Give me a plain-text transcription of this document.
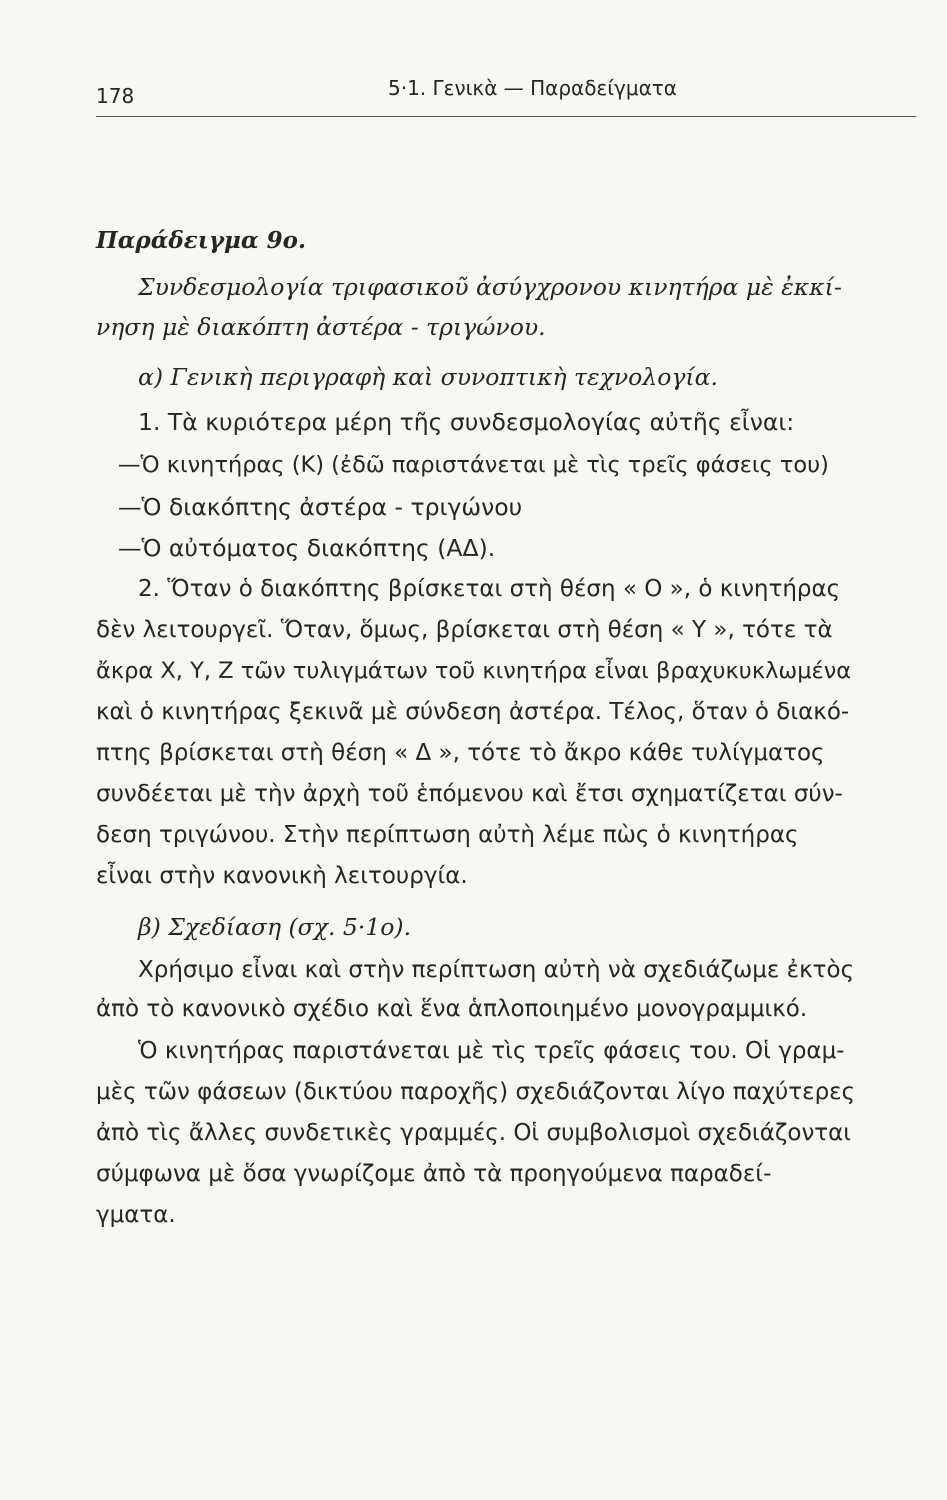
178	5·1. Γενικὰ — Παραδείγματα
Παράδειγμα 9ο.
Συνδεσμολογία τριφασικοῦ ἀσύγχρονου κινητήρα μὲ ἐκκί-
νηση μὲ διακόπτη ἀστέρα - τριγώνου.
α) Γενικὴ περιγραφὴ καὶ συνοπτικὴ τεχνολογία.
1. Τὰ κυριότερα μέρη τῆς συνδεσμολογίας αὐτῆς εἶναι:
—Ὁ κινητήρας (Κ) (ἐδῶ παριστάνεται μὲ τὶς τρεῖς φάσεις του)
—Ὁ διακόπτης ἀστέρα - τριγώνου
—Ὁ αὐτόματος διακόπτης (ΑΔ).
2. Ὅταν ὁ διακόπτης βρίσκεται στὴ θέση « Ο », ὁ κινητήρας
δὲν λειτουργεῖ. Ὅταν, ὅμως, βρίσκεται στὴ θέση « Υ », τότε τὰ
ἄκρα Χ, Υ, Ζ τῶν τυλιγμάτων τοῦ κινητήρα εἶναι βραχυκυκλωμένα
καὶ ὁ κινητήρας ξεκινᾶ μὲ σύνδεση ἀστέρα. Τέλος, ὅταν ὁ διακό-
πτης βρίσκεται στὴ θέση « Δ », τότε τὸ ἄκρο κάθε τυλίγματος
συνδέεται μὲ τὴν ἀρχὴ τοῦ ἑπόμενου καὶ ἔτσι σχηματίζεται σύν-
δεση τριγώνου. Στὴν περίπτωση αὐτὴ λέμε πὼς ὁ κινητήρας
εἶναι στὴν κανονικὴ λειτουργία.
β) Σχεδίαση (σχ. 5·1ο).
Χρήσιμο εἶναι καὶ στὴν περίπτωση αὐτὴ νὰ σχεδιάζωμε ἐκτὸς
ἀπὸ τὸ κανονικὸ σχέδιο καὶ ἕνα ἁπλοποιημένο μονογραμμικό.
Ὁ κινητήρας παριστάνεται μὲ τὶς τρεῖς φάσεις του. Οἱ γραμ-
μὲς τῶν φάσεων (δικτύου παροχῆς) σχεδιάζονται λίγο παχύτερες
ἀπὸ τὶς ἄλλες συνδετικὲς γραμμές. Οἱ συμβολισμοὶ σχεδιάζονται
σύμφωνα μὲ ὅσα γνωρίζομε ἀπὸ τὰ προηγούμενα παραδεί-
γματα.
